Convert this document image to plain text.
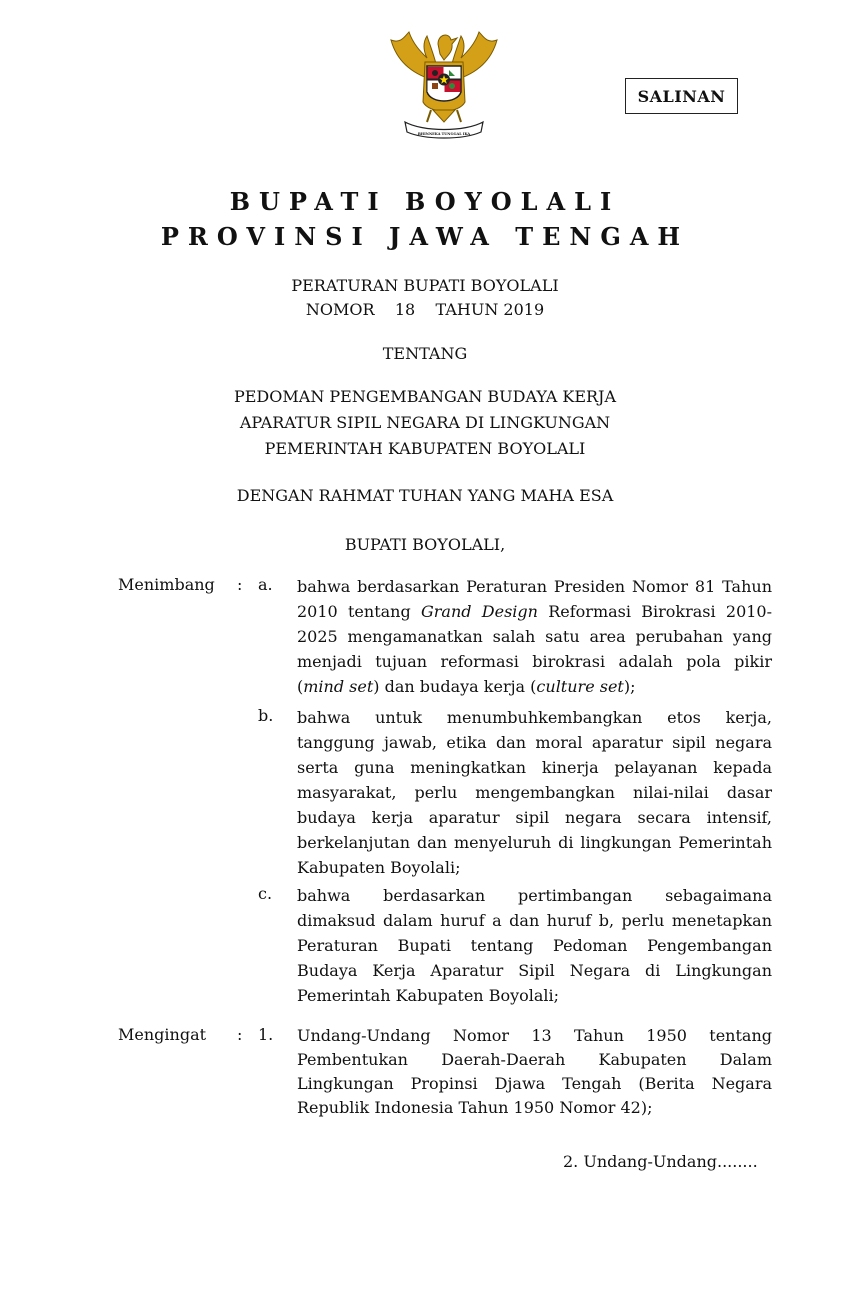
BHINNEKA TUNGGAL IKA
SALINAN
BUPATI BOYOLALI
PROVINSI JAWA TENGAH
PERATURAN BUPATI BOYOLALI
NOMOR    18    TAHUN 2019
TENTANG
PEDOMAN PENGEMBANGAN BUDAYA KERJA
APARATUR SIPIL NEGARA DI LINGKUNGAN
PEMERINTAH KABUPATEN BOYOLALI
DENGAN RAHMAT TUHAN YANG MAHA ESA
BUPATI BOYOLALI,
Menimbang : a. bahwa berdasarkan Peraturan Presiden Nomor 81 Tahun 2010 tentang Grand Design Reformasi Birokrasi 2010-2025 mengamanatkan salah satu area perubahan yang menjadi tujuan reformasi birokrasi adalah pola pikir (mind set) dan budaya kerja (culture set);
b. bahwa untuk menumbuhkembangkan etos kerja, tanggung jawab, etika dan moral aparatur sipil negara serta guna meningkatkan kinerja pelayanan kepada masyarakat, perlu mengembangkan nilai-nilai dasar budaya kerja aparatur sipil negara secara intensif, berkelanjutan dan menyeluruh di lingkungan Pemerintah Kabupaten Boyolali;
c. bahwa berdasarkan pertimbangan sebagaimana dimaksud dalam huruf a dan huruf b, perlu menetapkan Peraturan Bupati tentang Pedoman Pengembangan Budaya Kerja Aparatur Sipil Negara di Lingkungan Pemerintah Kabupaten Boyolali;
Mengingat : 1. Undang-Undang Nomor 13 Tahun 1950 tentang Pembentukan Daerah-Daerah Kabupaten Dalam Lingkungan Propinsi Djawa Tengah (Berita Negara Republik Indonesia Tahun 1950 Nomor 42);
2. Undang-Undang........
